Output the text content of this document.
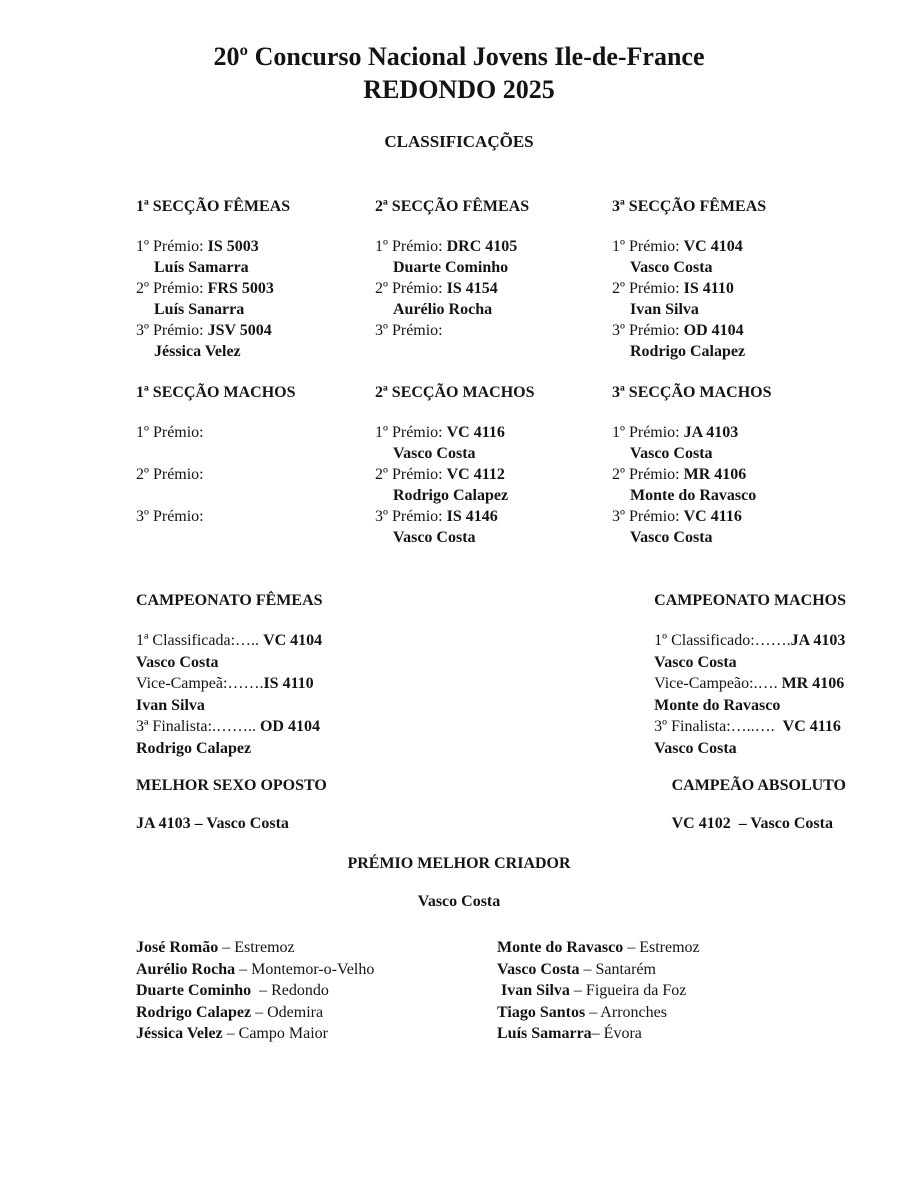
20º Concurso Nacional Jovens Ile-de-France
REDONDO 2025
CLASSIFICAÇÕES
1ª SECÇÃO FÊMEAS
1º Prémio: IS 5003
Luís Samarra
2º Prémio: FRS 5003
Luís Sanarra
3º Prémio: JSV 5004
Jéssica Velez
2ª SECÇÃO FÊMEAS
1º Prémio: DRC 4105
Duarte Cominho
2º Prémio: IS 4154
Aurélio Rocha
3º Prémio:
3ª SECÇÃO FÊMEAS
1º Prémio: VC 4104
Vasco Costa
2º Prémio: IS 4110
Ivan Silva
3º Prémio: OD 4104
Rodrigo Calapez
1ª SECÇÃO MACHOS
1º Prémio:
2º Prémio:
3º Prémio:
2ª SECÇÃO MACHOS
1º Prémio: VC 4116
Vasco Costa
2º Prémio: VC 4112
Rodrigo Calapez
3º Prémio: IS 4146
Vasco Costa
3ª SECÇÃO MACHOS
1º Prémio: JA 4103
Vasco Costa
2º Prémio: MR 4106
Monte do Ravasco
3º Prémio: VC 4116
Vasco Costa
CAMPEONATO FÊMEAS
1ª Classificada:….. VC 4104
Vasco Costa
Vice-Campeã:…….IS 4110
Ivan Silva
3ª Finalista:.…….. OD 4104
Rodrigo Calapez
CAMPEONATO MACHOS
1º Classificado:…….JA 4103
Vasco Costa
Vice-Campeão:.…. MR 4106
Monte do Ravasco
3º Finalista:…..….  VC 4116
Vasco Costa
MELHOR SEXO OPOSTO
JA 4103 – Vasco Costa
CAMPEÃO ABSOLUTO
VC 4102  – Vasco Costa
PRÉMIO MELHOR CRIADOR
Vasco Costa
José Romão – Estremoz
Aurélio Rocha – Montemor-o-Velho
Duarte Cominho  – Redondo
Rodrigo Calapez – Odemira
Jéssica Velez – Campo Maior
Monte do Ravasco – Estremoz
Vasco Costa – Santarém
Ivan Silva – Figueira da Foz
Tiago Santos – Arronches
Luís Samarra– Évora
